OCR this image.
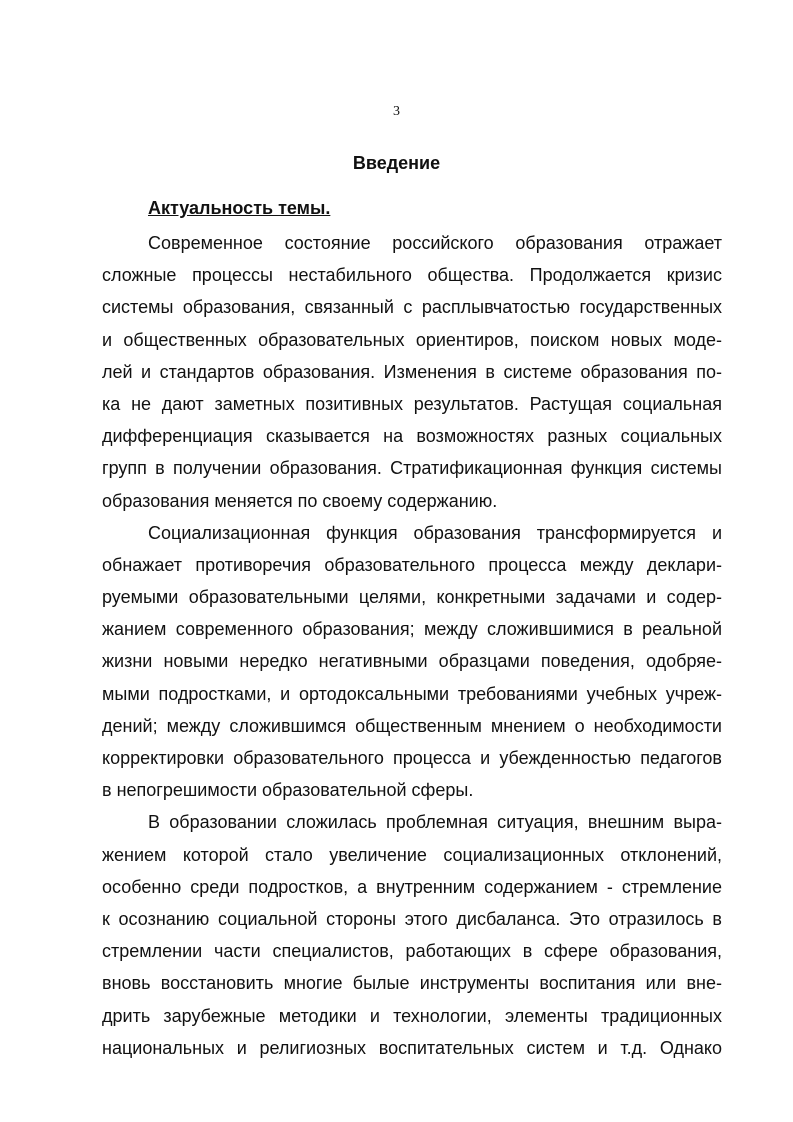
3
Введение
Актуальность темы.
Современное состояние российского образования отражает
сложные процессы нестабильного общества. Продолжается кризис
системы образования, связанный с расплывчатостью государственных
и общественных образовательных ориентиров, поиском новых моде-
лей и стандартов образования. Изменения в системе образования по-
ка не дают заметных позитивных результатов. Растущая социальная
дифференциация сказывается на возможностях разных социальных
групп в получении образования. Стратификационная функция системы
образования меняется по своему содержанию.
Социализационная функция образования трансформируется и
обнажает противоречия образовательного процесса между деклари-
руемыми образовательными целями, конкретными задачами и содер-
жанием современного образования; между сложившимися в реальной
жизни новыми нередко негативными образцами поведения, одобряе-
мыми подростками, и ортодоксальными требованиями учебных учреж-
дений; между сложившимся общественным мнением о необходимости
корректировки образовательного процесса и убежденностью педагогов
в непогрешимости образовательной сферы.
В образовании сложилась проблемная ситуация, внешним выра-
жением которой стало увеличение социализационных отклонений,
особенно среди подростков, а внутренним содержанием - стремление
к осознанию социальной стороны этого дисбаланса. Это отразилось в
стремлении части специалистов, работающих в сфере образования,
вновь восстановить многие былые инструменты воспитания или вне-
дрить зарубежные методики и технологии, элементы традиционных
национальных и религиозных воспитательных систем и т.д. Однако
